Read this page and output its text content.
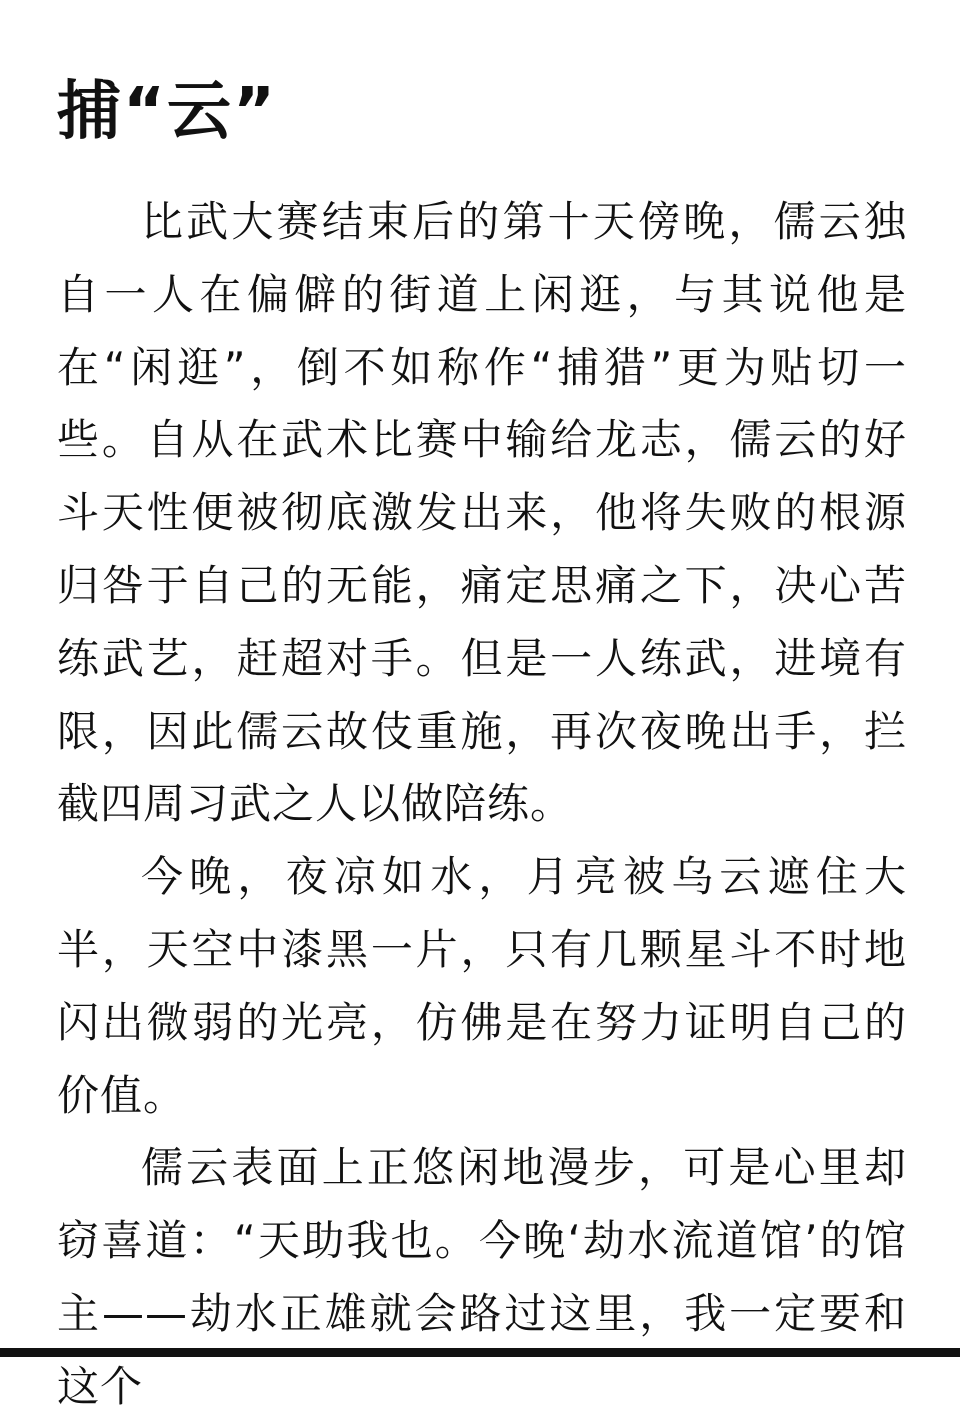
捕“云”

比武大赛结束后的第十天傍晚，儒云独自一人在偏僻的街道上闲逛，与其说他是在“闲逛”，倒不如称作“捕猎”更为贴切一些。自从在武术比赛中输给龙志，儒云的好斗天性便被彻底激发出来，他将失败的根源归咎于自己的无能，痛定思痛之下，决心苦练武艺，赶超对手。但是一人练武，进境有限，因此儒云故伎重施，再次夜晚出手，拦截四周习武之人以做陪练。

今晚，夜凉如水，月亮被乌云遮住大半，天空中漆黑一片，只有几颗星斗不时地闪出微弱的光亮，仿佛是在努力证明自己的价值。

儒云表面上正悠闲地漫步，可是心里却窃喜道：“天助我也。今晚‘劫水流道馆’的馆主——劫水正雄就会路过这里，我一定要和这个
